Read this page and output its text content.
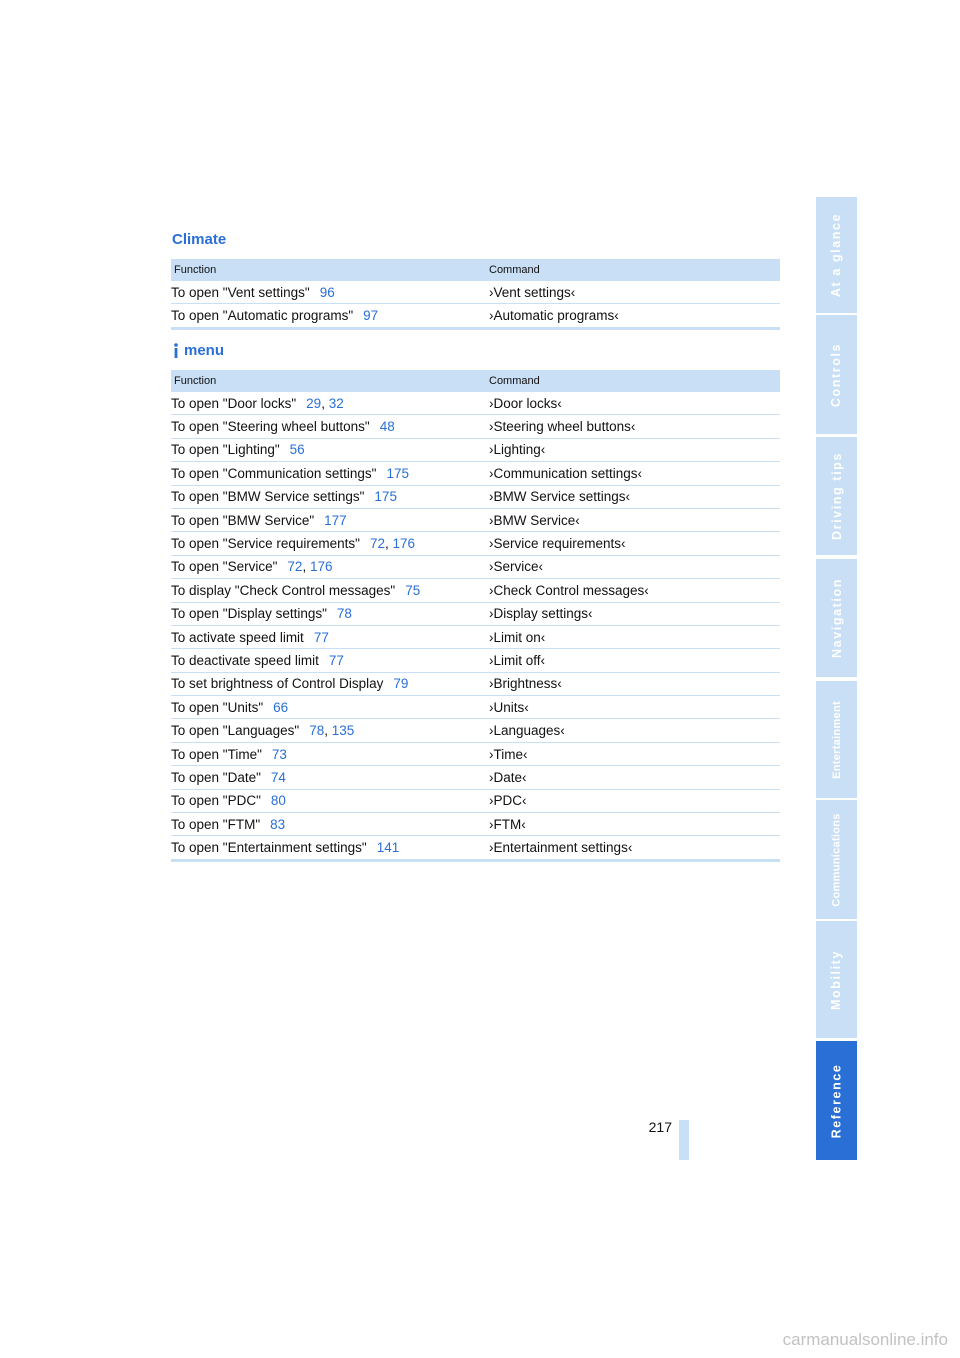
Climate
Function	Command
To open "Vent settings" 96	›Vent settings‹
To open "Automatic programs" 97	›Automatic programs‹
menu
Function	Command
To open "Door locks" 29, 32	›Door locks‹
To open "Steering wheel buttons" 48	›Steering wheel buttons‹
To open "Lighting" 56	›Lighting‹
To open "Communication settings" 175	›Communication settings‹
To open "BMW Service settings" 175	›BMW Service settings‹
To open "BMW Service" 177	›BMW Service‹
To open "Service requirements" 72, 176	›Service requirements‹
To open "Service" 72, 176	›Service‹
To display "Check Control messages" 75	›Check Control messages‹
To open "Display settings" 78	›Display settings‹
To activate speed limit 77	›Limit on‹
To deactivate speed limit 77	›Limit off‹
To set brightness of Control Display 79	›Brightness‹
To open "Units" 66	›Units‹
To open "Languages" 78, 135	›Languages‹
To open "Time" 73	›Time‹
To open "Date" 74	›Date‹
To open "PDC" 80	›PDC‹
To open "FTM" 83	›FTM‹
To open "Entertainment settings" 141	›Entertainment settings‹
217
At a glance
Controls
Driving tips
Navigation
Entertainment
Communications
Mobility
Reference
carmanualsonline.info
